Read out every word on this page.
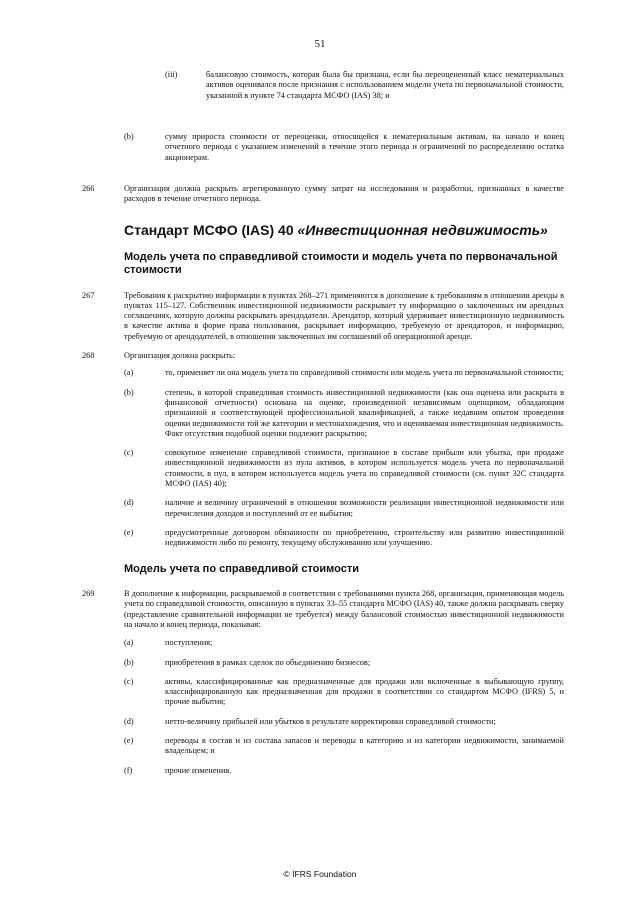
51
(iii)	балансовую стоимость, которая была бы признана, если бы переоцененный класс нематериальных активов оценивался после признания с использованием модели учета по первоначальной стоимости, указанной в пункте 74 стандарта МСФО (IAS) 38; и
(b)	сумму прироста стоимости от переоценки, относящейся к нематериальным активам, на начало и конец отчетного периода с указанием изменений в течение этого периода и ограничений по распределению остатка акционерам.
266	Организация должна раскрыть агрегированную сумму затрат на исследования и разработки, признанных в качестве расходов в течение отчетного периода.
Стандарт МСФО (IAS) 40 «Инвестиционная недвижимость»
Модель учета по справедливой стоимости и модель учета по первоначальной стоимости
267	Требования к раскрытию информации в пунктах 268–271 применяются в дополнение к требованиям в отношении аренды в пунктах 115–127. Собственник инвестиционной недвижимости раскрывает ту информацию о заключенных им арендных соглашениях, которую должны раскрывать арендодатели. Арендатор, который удерживает инвестиционную недвижимость в качестве актива в форме права пользования, раскрывает информацию, требуемую от арендаторов, и информацию, требуемую от арендодателей, в отношении заключенных им соглашений об операционной аренде.
268	Организация должна раскрыть:
(a)	то, применяет ли она модель учета по справедливой стоимости или модель учета по первоначальной стоимости;
(b)	степень, в которой справедливая стоимость инвестиционной недвижимости (как она оценена или раскрыта в финансовой отчетности) основана на оценке, произведенной независимым оценщиком, обладающим признанной и соответствующей профессиональной квалификацией, а также недавним опытом проведения оценки недвижимости той же категории и местонахождения, что и оцениваемая инвестиционная недвижимость. Факт отсутствия подобной оценки подлежит раскрытию;
(c)	совокупное изменение справедливой стоимости, признанное в составе прибыли или убытка, при продаже инвестиционной недвижимости из пула активов, в котором используется модель учета по первоначальной стоимости, в пул, в котором используется модель учета по справедливой стоимости (см. пункт 32C стандарта МСФО (IAS) 40);
(d)	наличие и величину ограничений в отношении возможности реализации инвестиционной недвижимости или перечисления доходов и поступлений от ее выбытия;
(e)	предусмотренные договором обязанности по приобретению, строительству или развитию инвестиционной недвижимости либо по ремонту, текущему обслуживанию или улучшению.
Модель учета по справедливой стоимости
269	В дополнение к информации, раскрываемой в соответствии с требованиями пункта 268, организация, применяющая модель учета по справедливой стоимости, описанную в пунктах 33–55 стандарта МСФО (IAS) 40, также должна раскрывать сверку (представление сравнительной информации не требуется) между балансовой стоимостью инвестиционной недвижимости на начало и конец периода, показывая:
(a)	поступления;
(b)	приобретения в рамках сделок по объединению бизнесов;
(c)	активы, классифицированные как предназначенные для продажи или включенные в выбывающую группу, классифицированную как предназначенная для продажи в соответствии со стандартом МСФО (IFRS) 5, и прочие выбытия;
(d)	нетто-величину прибылей или убытков в результате корректировки справедливой стоимости;
(e)	переводы в состав и из состава запасов и переводы в категорию и из категории недвижимости, занимаемой владельцем; и
(f)	прочие изменения.
© IFRS Foundation
